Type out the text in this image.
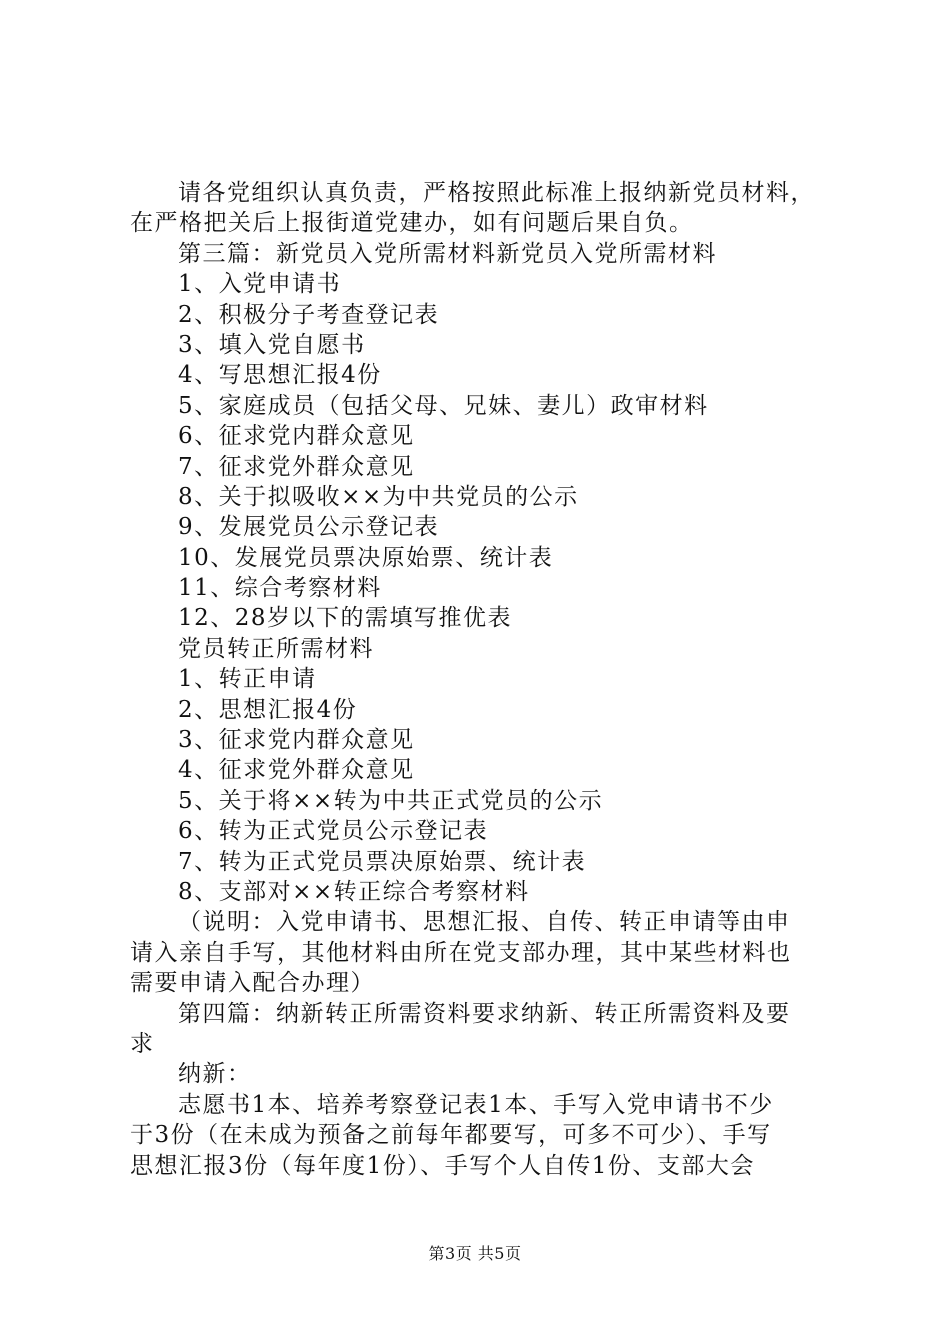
请各党组织认真负责，严格按照此标准上报纳新党员材料，
在严格把关后上报街道党建办，如有问题后果自负。
第三篇：新党员入党所需材料新党员入党所需材料
1、入党申请书
2、积极分子考查登记表
3、填入党自愿书
4、写思想汇报4份
5、家庭成员（包括父母、兄妹、妻儿）政审材料
6、征求党内群众意见
7、征求党外群众意见
8、关于拟吸收××为中共党员的公示
9、发展党员公示登记表
10、发展党员票决原始票、统计表
11、综合考察材料
12、28岁以下的需填写推优表
党员转正所需材料
1、转正申请
2、思想汇报4份
3、征求党内群众意见
4、征求党外群众意见
5、关于将××转为中共正式党员的公示
6、转为正式党员公示登记表
7、转为正式党员票决原始票、统计表
8、支部对××转正综合考察材料
（说明：入党申请书、思想汇报、自传、转正申请等由申
请入亲自手写，其他材料由所在党支部办理，其中某些材料也
需要申请入配合办理）
第四篇：纳新转正所需资料要求纳新、转正所需资料及要
求
纳新：
志愿书1本、培养考察登记表1本、手写入党申请书不少
于3份（在未成为预备之前每年都要写，可多不可少）、手写
思想汇报3份（每年度1份）、手写个人自传1份、支部大会
第3页 共5页
